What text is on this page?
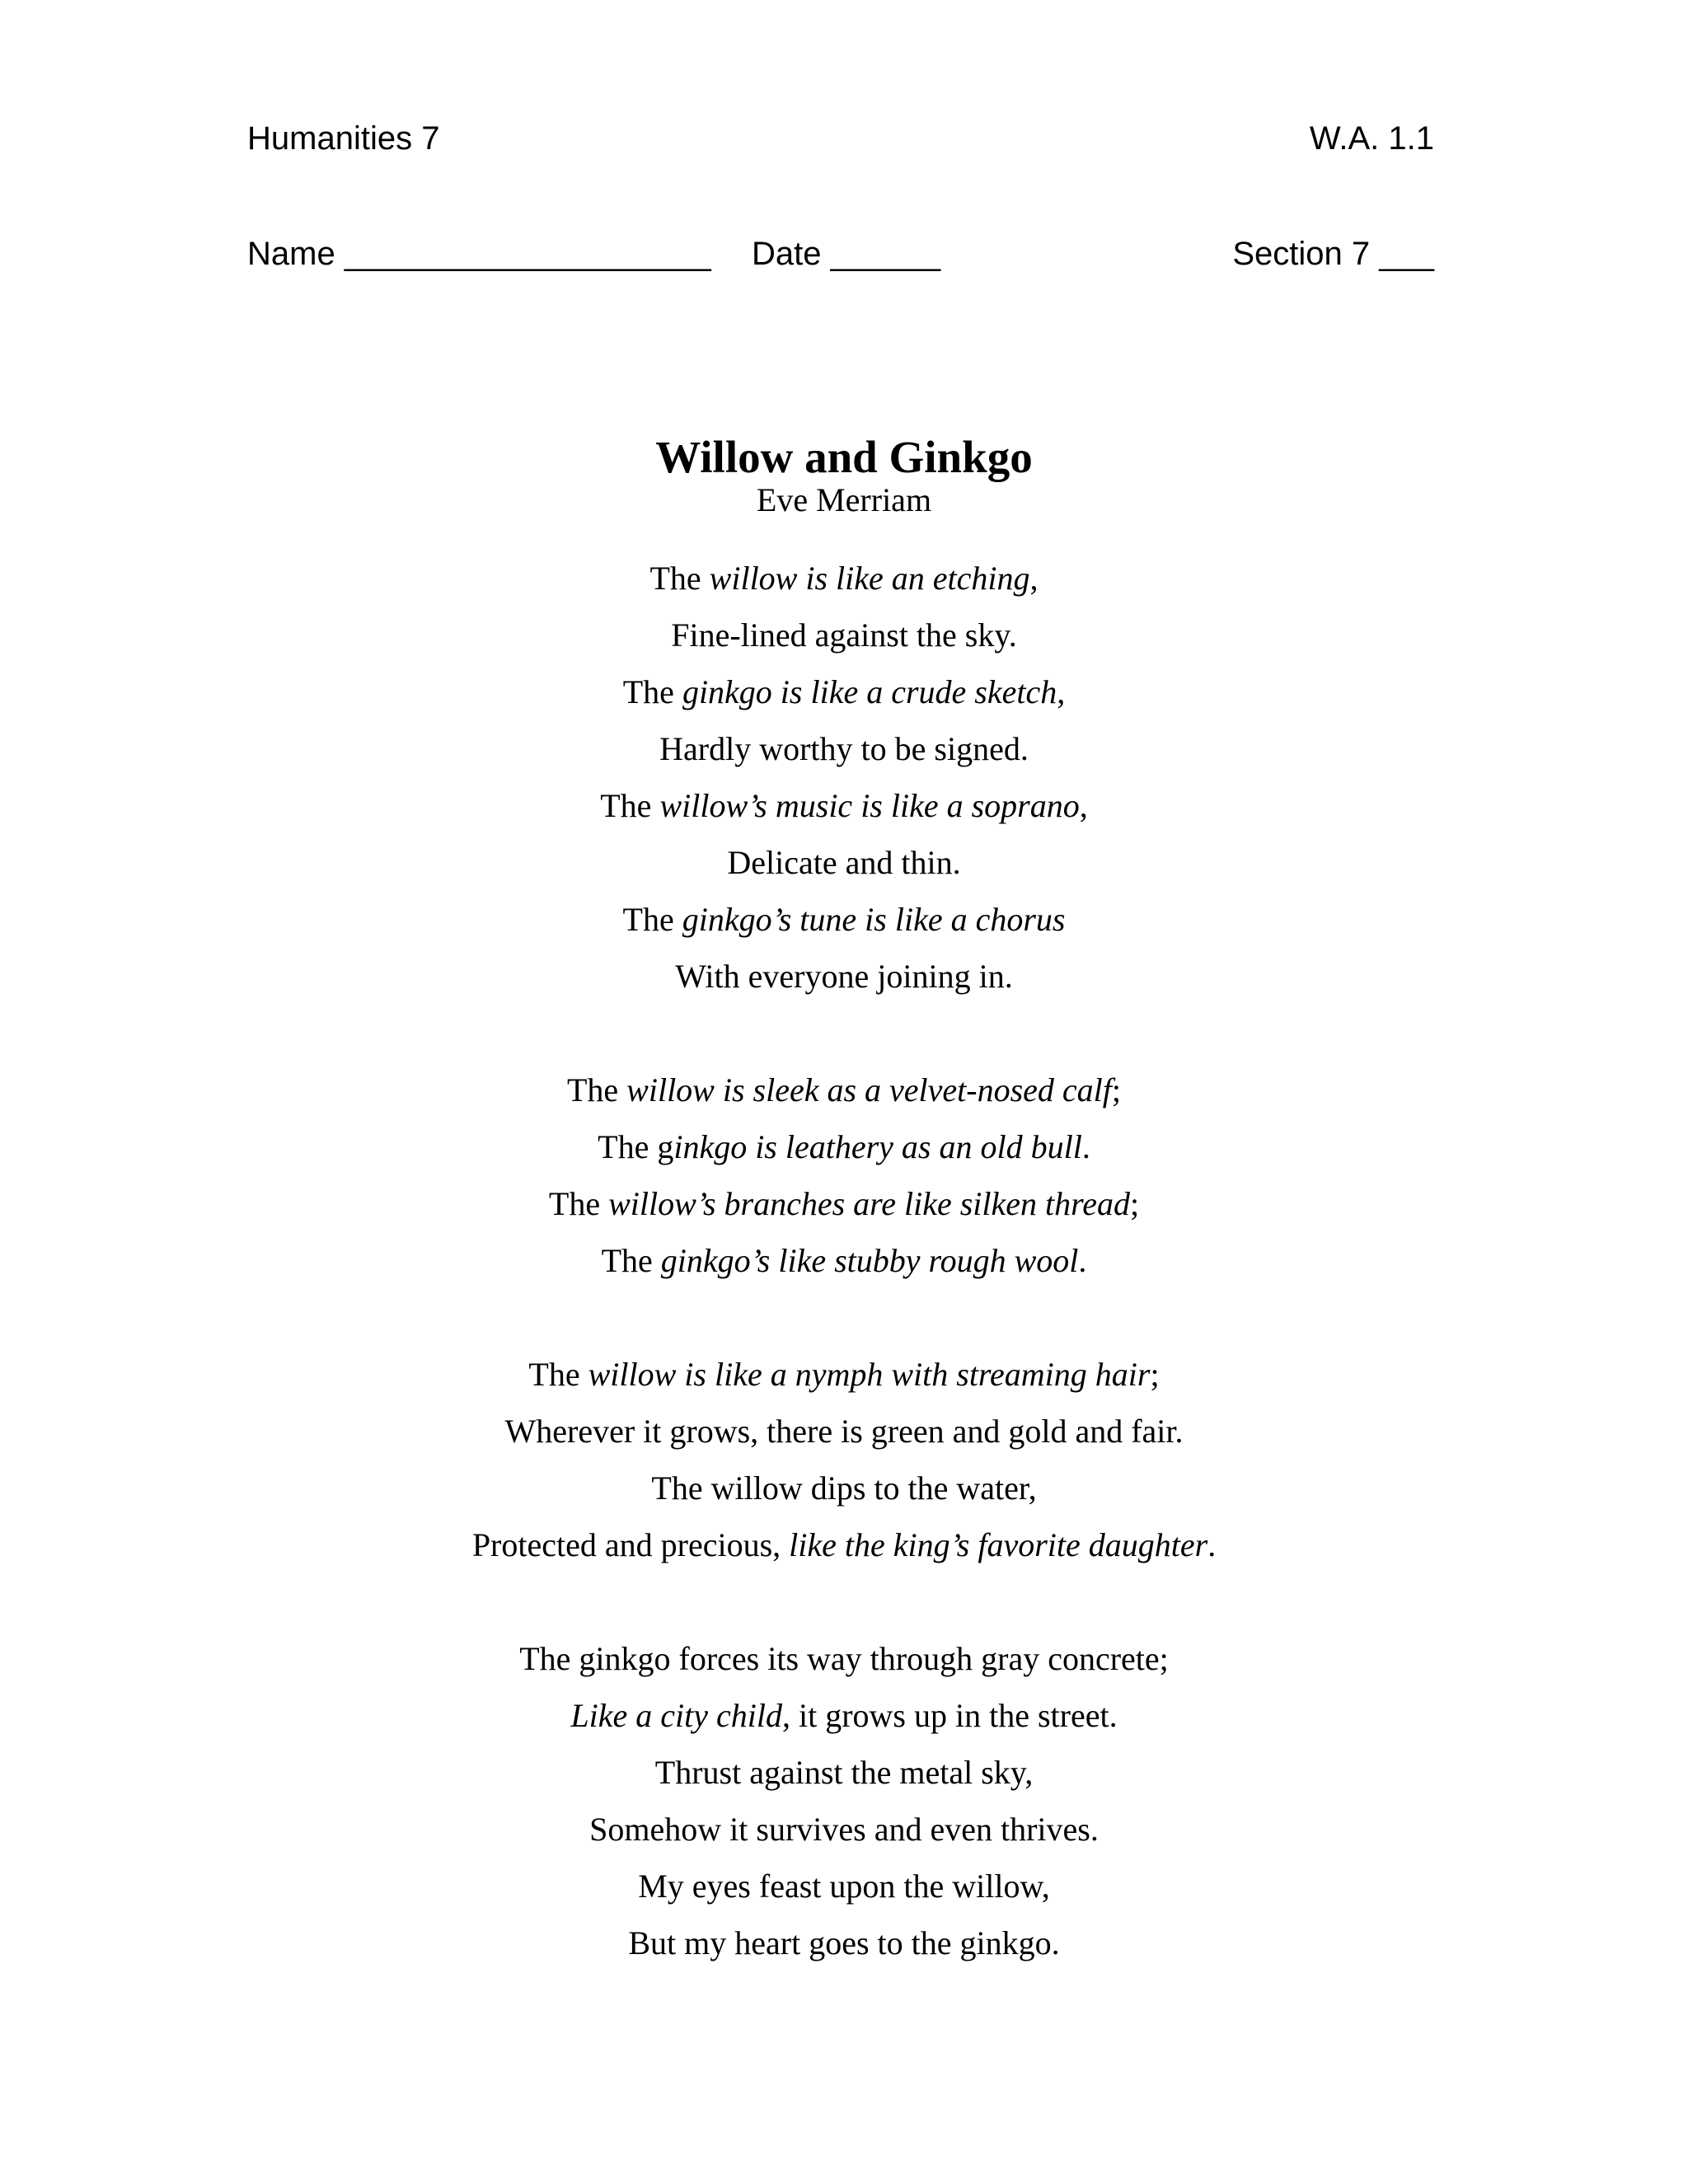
Humanities 7	W.A. 1.1
Name ____________________ Date ______	Section 7 ___
Willow and Ginkgo
Eve Merriam
The willow is like an etching,
Fine-lined against the sky.
The ginkgo is like a crude sketch,
Hardly worthy to be signed.
The willow’s music is like a soprano,
Delicate and thin.
The ginkgo’s tune is like a chorus
With everyone joining in.
The willow is sleek as a velvet-nosed calf;
The ginkgo is leathery as an old bull.
The willow’s branches are like silken thread;
The ginkgo’s like stubby rough wool.
The willow is like a nymph with streaming hair;
Wherever it grows, there is green and gold and fair.
The willow dips to the water,
Protected and precious, like the king’s favorite daughter.
The ginkgo forces its way through gray concrete;
Like a city child, it grows up in the street.
Thrust against the metal sky,
Somehow it survives and even thrives.
My eyes feast upon the willow,
But my heart goes to the ginkgo.
